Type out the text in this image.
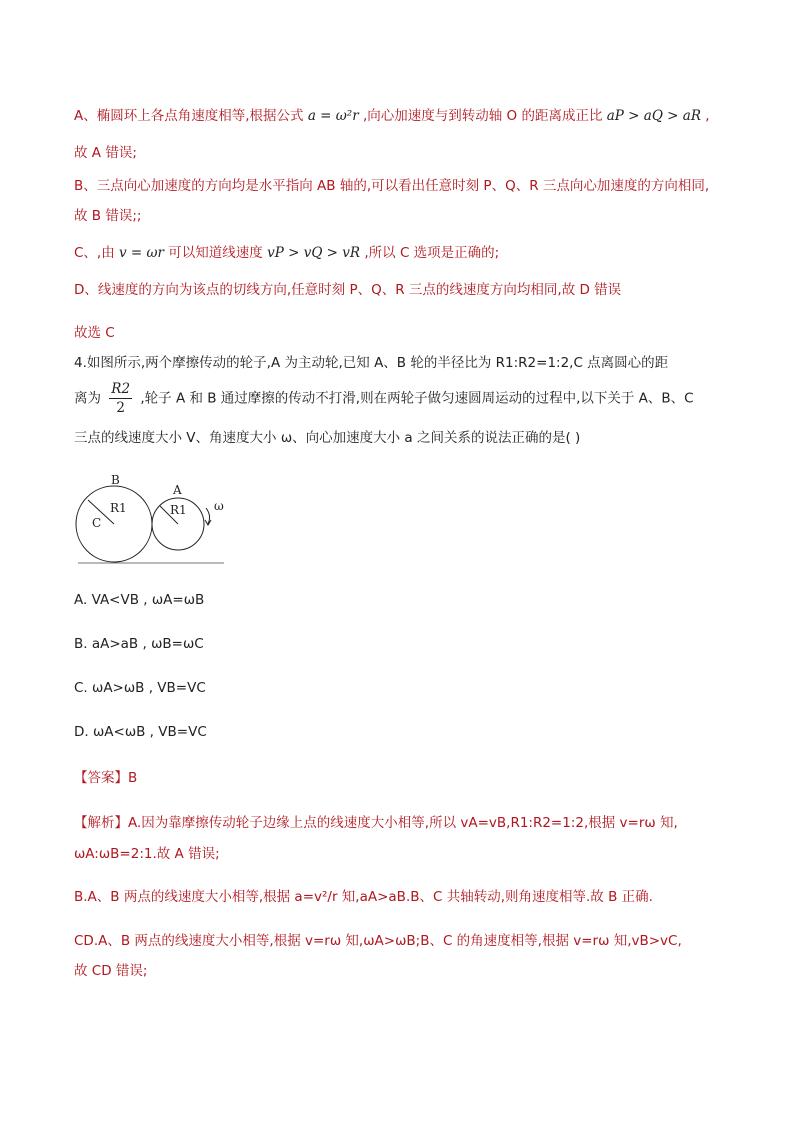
A、椭圆环上各点角速度相等,根据公式 a = ω²r ,向心加速度与到转动轴 O 的距离成正比 aP > aQ > aR ,
故 A 错误;
B、三点向心加速度的方向均是水平指向 AB 轴的,可以看出任意时刻 P、Q、R 三点向心加速度的方向相同,
故 B 错误;;
C、,由 v = ωr 可以知道线速度 vP > vQ > vR ,所以 C 选项是正确的;
D、线速度的方向为该点的切线方向,任意时刻 P、Q、R 三点的线速度方向均相同,故 D 错误
故选 C
4.如图所示,两个摩擦传动的轮子,A 为主动轮,已知 A、B 轮的半径比为 R1:R2=1:2,C 点离圆心的距
离为 $\frac{R2}{2}$ ,轮子 A 和 B 通过摩擦的传动不打滑,则在两轮子做匀速圆周运动的过程中,以下关于 A、B、C
三点的线速度大小 V、角速度大小 ω、向心加速度大小 a 之间关系的说法正确的是( )
B
A
C
R1	R1 ω
A. VA<VB , ωA=ωB
B. aA>aB , ωB=ωC
C. ωA>ωB , VB=VC
D. ωA<ωB , VB=VC
【答案】B
【解析】A.因为靠摩擦传动轮子边缘上点的线速度大小相等,所以 vA=vB,R1:R2=1:2,根据 v=rω 知,
ωA:ωB=2:1.故 A 错误;
B.A、B 两点的线速度大小相等,根据 a=v²/r 知,aA>aB.B、C 共轴转动,则角速度相等.故 B 正确.
CD.A、B 两点的线速度大小相等,根据 v=rω 知,ωA>ωB;B、C 的角速度相等,根据 v=rω 知,vB>vC,
故 CD 错误;
